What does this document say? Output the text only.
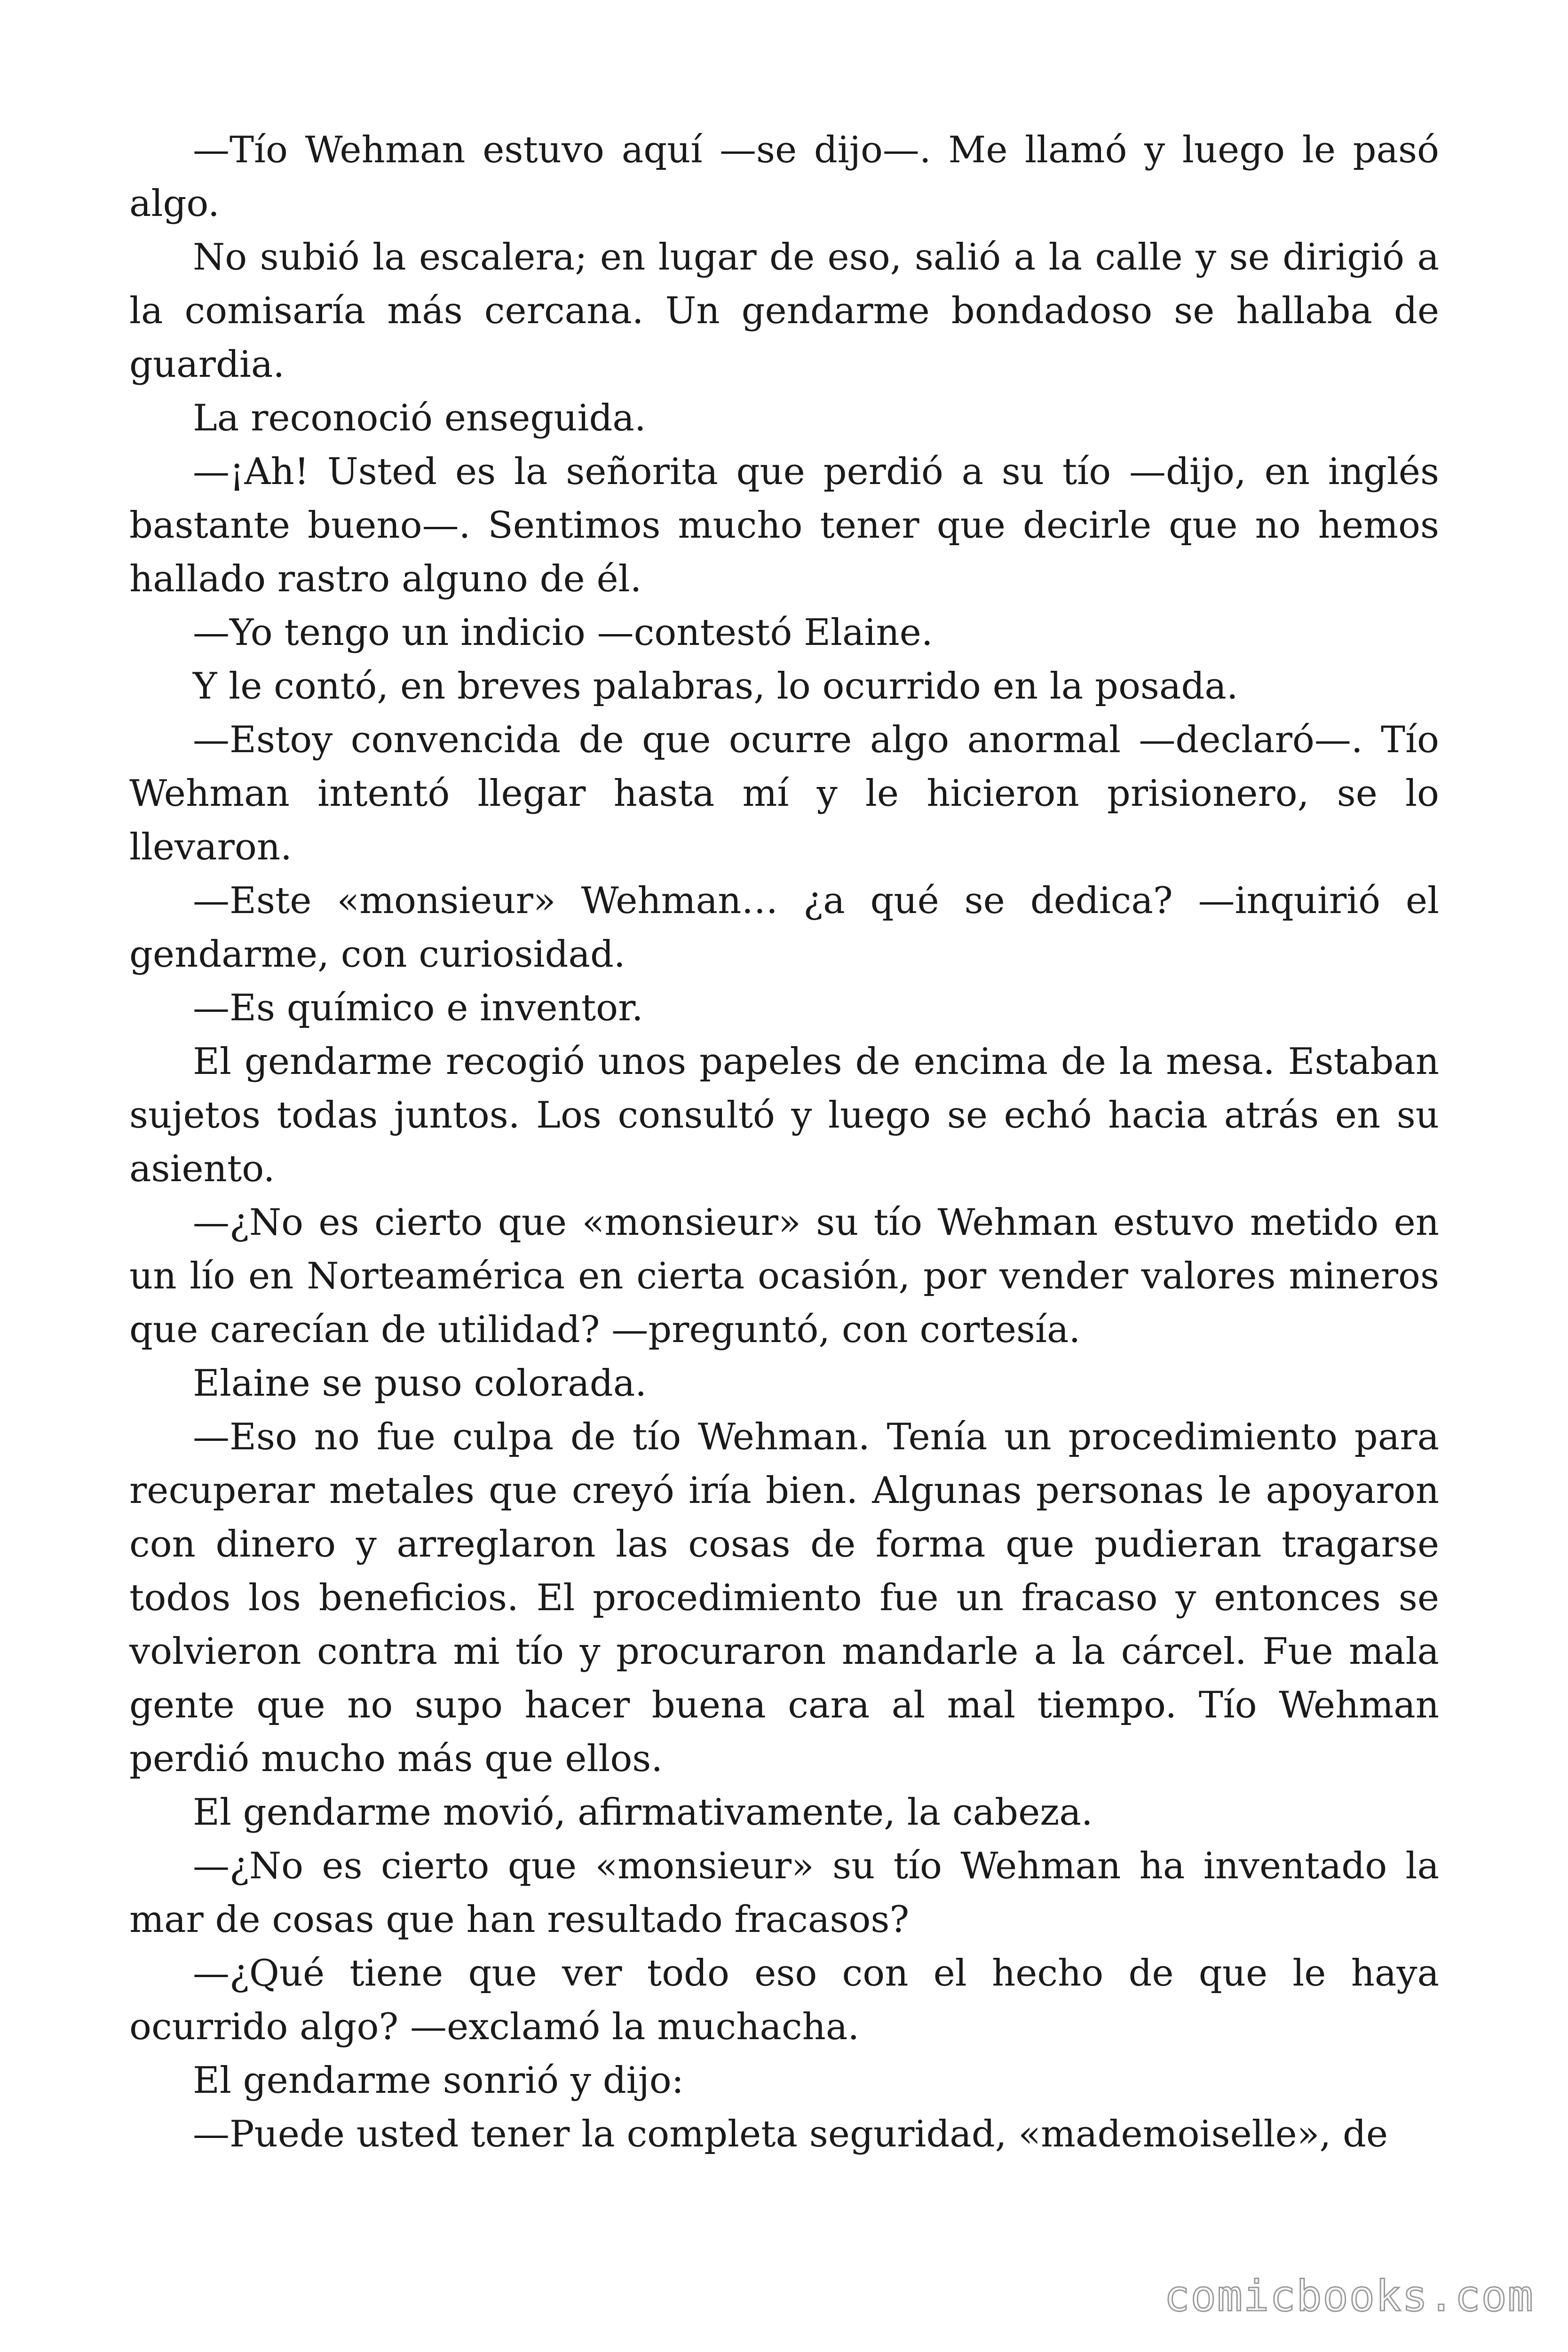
—Tío Wehman estuvo aquí —se dijo—. Me llamó y luego le pasó algo.

No subió la escalera; en lugar de eso, salió a la calle y se dirigió a la comisaría más cercana. Un gendarme bondadoso se hallaba de guardia.

La reconoció enseguida.

—¡Ah! Usted es la señorita que perdió a su tío —dijo, en inglés bastante bueno—. Sentimos mucho tener que decirle que no hemos hallado rastro alguno de él.

—Yo tengo un indicio —contestó Elaine.

Y le contó, en breves palabras, lo ocurrido en la posada.

—Estoy convencida de que ocurre algo anormal —declaró—. Tío Wehman intentó llegar hasta mí y le hicieron prisionero, se lo llevaron.

—Este «monsieur» Wehman… ¿a qué se dedica? —inquirió el gendarme, con curiosidad.

—Es químico e inventor.

El gendarme recogió unos papeles de encima de la mesa. Estaban sujetos todas juntos. Los consultó y luego se echó hacia atrás en su asiento.

—¿No es cierto que «monsieur» su tío Wehman estuvo metido en un lío en Norteamérica en cierta ocasión, por vender valores mineros que carecían de utilidad? —preguntó, con cortesía.

Elaine se puso colorada.

—Eso no fue culpa de tío Wehman. Tenía un procedimiento para recuperar metales que creyó iría bien. Algunas personas le apoyaron con dinero y arreglaron las cosas de forma que pudieran tragarse todos los beneficios. El procedimiento fue un fracaso y entonces se volvieron contra mi tío y procuraron mandarle a la cárcel. Fue mala gente que no supo hacer buena cara al mal tiempo. Tío Wehman perdió mucho más que ellos.

El gendarme movió, afirmativamente, la cabeza.

—¿No es cierto que «monsieur» su tío Wehman ha inventado la mar de cosas que han resultado fracasos?

—¿Qué tiene que ver todo eso con el hecho de que le haya ocurrido algo? —exclamó la muchacha.

El gendarme sonrió y dijo:

—Puede usted tener la completa seguridad, «mademoiselle», de

comicbooks.com
